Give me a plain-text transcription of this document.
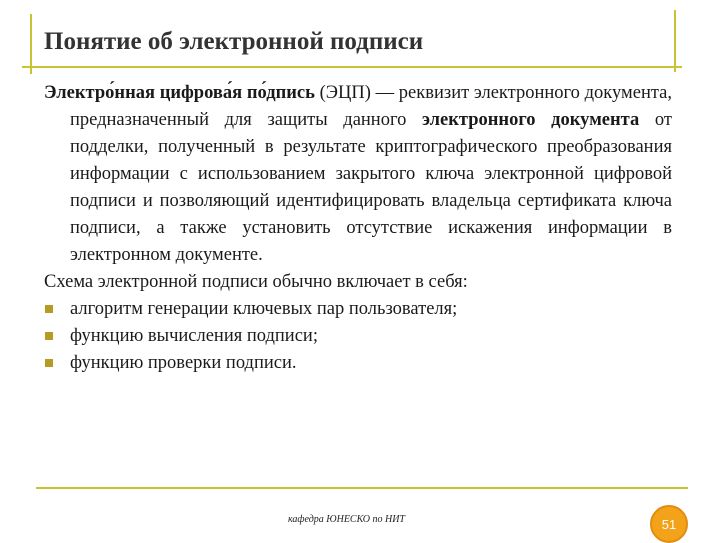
Понятие об электронной подписи

Электро́нная цифрова́я по́дпись (ЭЦП) — реквизит электронного документа, предназначенный для защиты данного электронного документа от подделки, полученный в результате криптографического преобразования информации с использованием закрытого ключа электронной цифровой подписи и позволяющий идентифицировать владельца сертификата ключа подписи, а также установить отсутствие искажения информации в электронном документе.

Схема электронной подписи обычно включает в себя:

алгоритм генерации ключевых пар пользователя;
функцию вычисления подписи;
функцию проверки подписи.
кафедра ЮНЕСКО по НИТ	51
